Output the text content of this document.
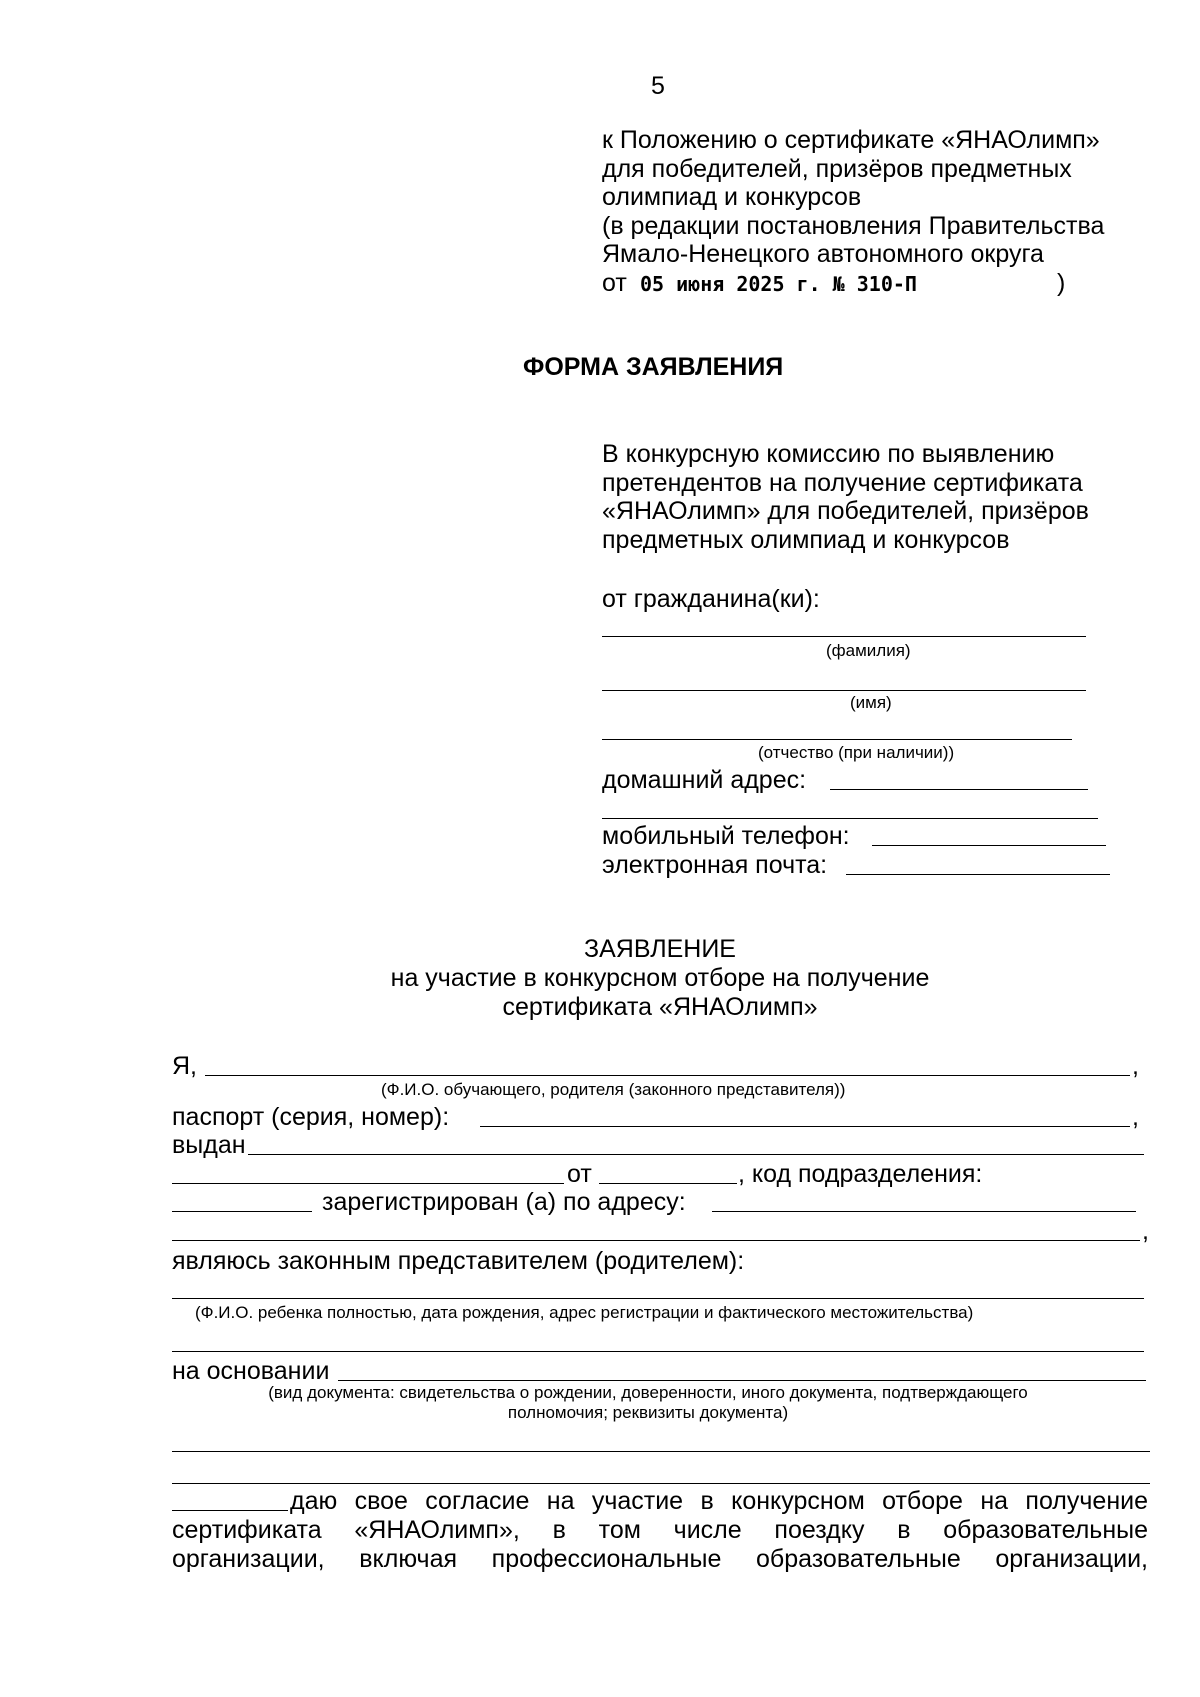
5
к Положению о сертификате «ЯНАОлимп»
для победителей, призёров предметных
олимпиад и конкурсов
(в редакции постановления Правительства
Ямало-Ненецкого автономного округа
от 05 июня 2025 г. № 310-П	)
ФОРМА ЗАЯВЛЕНИЯ
В конкурсную комиссию по выявлению
претендентов на получение сертификата
«ЯНАОлимп» для победителей, призёров
предметных олимпиад и конкурсов
от гражданина(ки):
(фамилия)
(имя)
(отчество (при наличии))
домашний адрес:
мобильный телефон:
электронная почта:
ЗАЯВЛЕНИЕ
на участие в конкурсном отборе на получение
сертификата «ЯНАОлимп»
Я,	,
(Ф.И.О. обучающего, родителя (законного представителя))
паспорт (серия, номер):	,
выдан
от	, код подразделения:
зарегистрирован (а) по адресу:
,
являюсь законным представителем (родителем):
(Ф.И.О. ребенка полностью, дата рождения, адрес регистрации и фактического местожительства)
на основании
(вид документа: свидетельства о рождении, доверенности, иного документа, подтверждающего
полномочия; реквизиты документа)
даю свое согласие на участие в конкурсном отборе на получение
сертификата «ЯНАОлимп», в том числе поездку в образовательные
организации, включая профессиональные образовательные организации,
